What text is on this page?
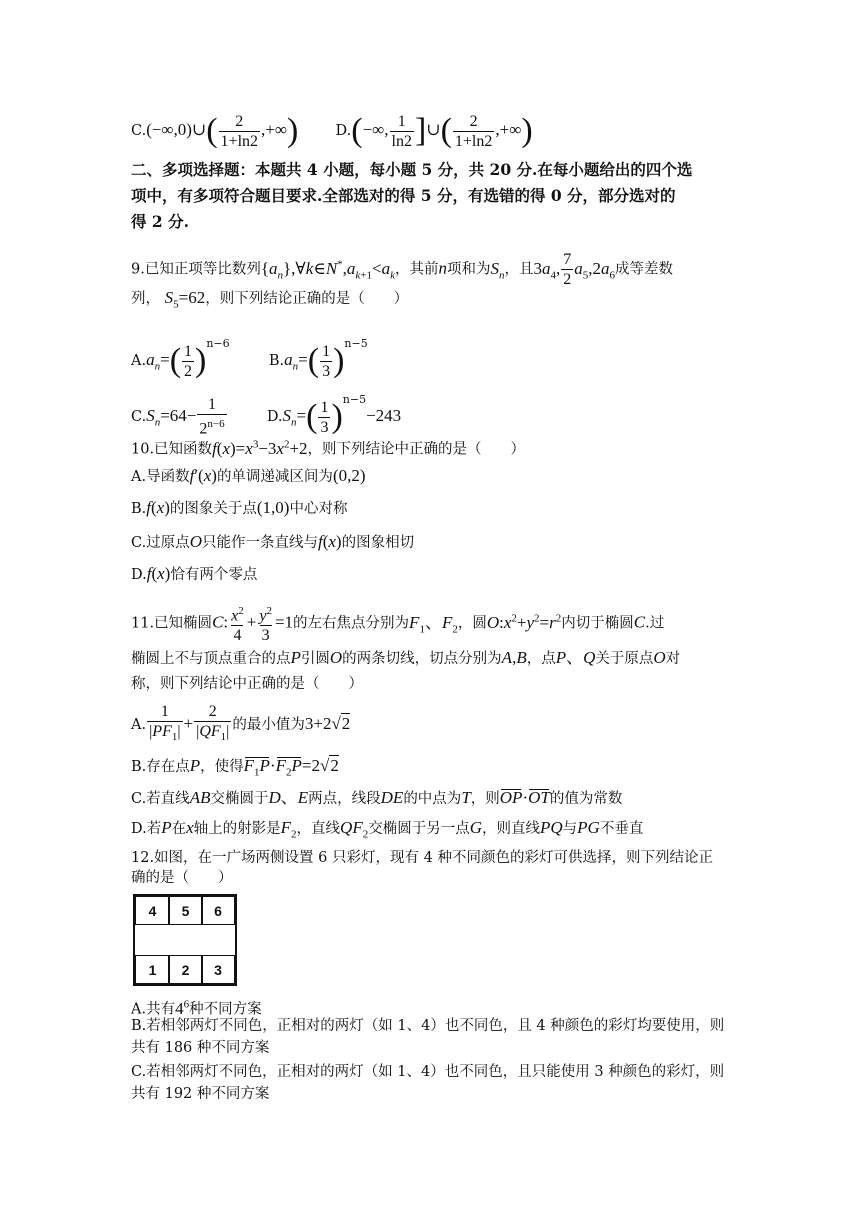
C.(−∞,0)∪( $\frac{2}{1+\ln 2}$ ,+∞)	D.(−∞, $\frac{1}{\ln 2}$ ]∪( $\frac{2}{1+\ln 2}$ ,+∞)
二、多项选择题：本题共 4 小题，每小题 5 分，共 20 分.在每小题给出的四个选
项中，有多项符合题目要求.全部选对的得 5 分，有选错的得 0 分，部分选对的
得 2 分.
9.已知正项等比数列$\{a_n\},\forall k\in N^*,a_{k+1}<a_k$，其前n项和为$S_n$，且$3a_4$, $\frac{7}{2} a_5,2a_6$成等差数
列， $S_5=62$，则下列结论正确的是（　　）
$A.a_n=( \frac{1}{2} )^{n-6}$  $B.a_n=( \frac{1}{3} )^{n-5}$
$C.S_n=64- \frac{1}{2^{n-6}}$	$D.S_n=( \frac{1}{3} )^{n-5}-243$
10.已知函数$f(x)=x^3-3x^2+2$，则下列结论中正确的是（　　）
A.导函数f′(x)的单调递减区间为(0,2)
B.f(x)的图象关于点(1,0)中心对称
C.过原点O只能作一条直线与f(x)的图象相切
D.f(x)恰有两个零点
11.已知椭圆C: $\frac{x^2}{4} + \frac{y^2}{3} =1$的左右焦点分别为$F_1$、$F_2$，圆$O:x^2+y^2=r^2$内切于椭圆C.过
椭圆上不与顶点重合的点P引圆O的两条切线，切点分别为A,B，点P、Q关于原点O对
称，则下列结论中正确的是（　　）
A. $\frac{1}{|PF_1|} + \frac{2}{|QF_1|}$ 的最小值为3+2√2
B.存在点P，使得$F_1P\cdot F_2P=2√2$
C.若直线AB交椭圆于D、E两点，线段DE的中点为T，则OP·OT的值为常数
D.若P在x轴上的射影是$F_2$，直线$QF_2$交椭圆于另一点G，则直线PQ与PG不垂直
12.如图，在一广场两侧设置 6 只彩灯，现有 4 种不同颜色的彩灯可供选择，则下列结论正
确的是（　　）
4	5	6
1	2	3
A.共有$4^6$种不同方案
B.若相邻两灯不同色，正相对的两灯（如 1、4）也不同色，且 4 种颜色的彩灯均要使用，则
共有 186 种不同方案
C.若相邻两灯不同色，正相对的两灯（如 1、4）也不同色，且只能使用 3 种颜色的彩灯，则
共有 192 种不同方案
